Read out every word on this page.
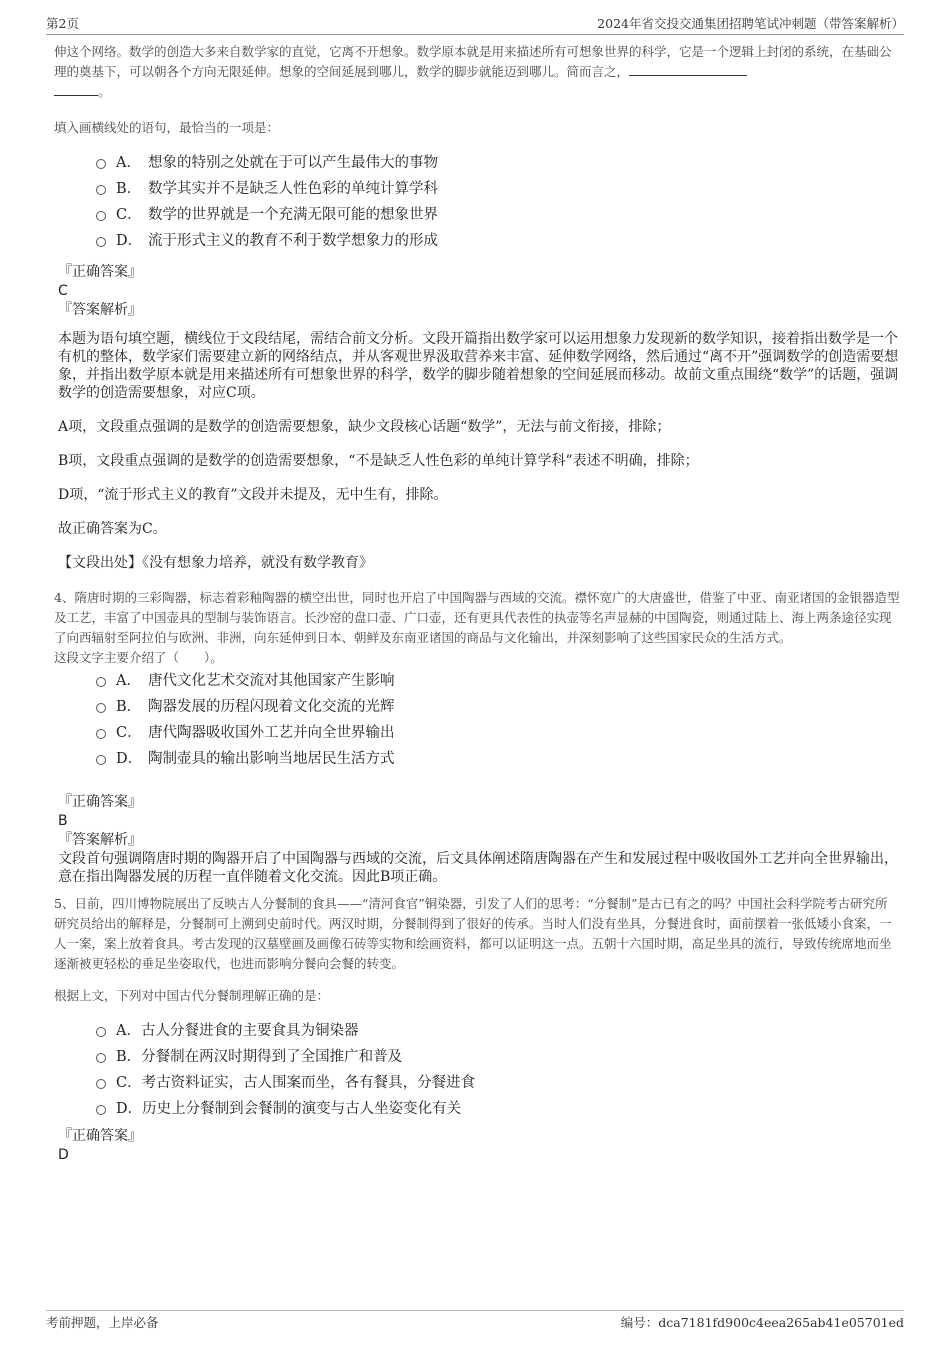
第2页	2024年省交投交通集团招聘笔试冲刺题（带答案解析）

伸这个网络。数学的创造大多来自数学家的直觉，它离不开想象。数学原本就是用来描述所有可想象世界的科学，它是一个逻辑上封闭的系统，在基础公理的奠基下，可以朝各个方向无限延伸。想象的空间延展到哪儿，数学的脚步就能迈到哪儿。简而言之，
。

填入画横线处的语句，最恰当的一项是：

A． 想象的特别之处就在于可以产生最伟大的事物
B． 数学其实并不是缺乏人性色彩的单纯计算学科
C． 数学的世界就是一个充满无限可能的想象世界
D． 流于形式主义的教育不利于数学想象力的形成

『正确答案』

C

『答案解析』

本题为语句填空题，横线位于文段结尾，需结合前文分析。文段开篇指出数学家可以运用想象力发现新的数学知识，接着指出数学是一个有机的整体，数学家们需要建立新的网络结点，并从客观世界汲取营养来丰富、延伸数学网络，然后通过“离不开”强调数学的创造需要想象，并指出数学原本就是用来描述所有可想象世界的科学，数学的脚步随着想象的空间延展而移动。故前文重点围绕“数学”的话题，强调数学的创造需要想象，对应C项。

A项，文段重点强调的是数学的创造需要想象，缺少文段核心话题“数学”，无法与前文衔接，排除；

B项，文段重点强调的是数学的创造需要想象，“不是缺乏人性色彩的单纯计算学科”表述不明确，排除；

D项，“流于形式主义的教育”文段并未提及，无中生有，排除。

故正确答案为C。

【文段出处】《没有想象力培养，就没有数学教育》

4、隋唐时期的三彩陶器，标志着彩釉陶器的横空出世，同时也开启了中国陶器与西域的交流。襟怀宽广的大唐盛世，借鉴了中亚、南亚诸国的金银器造型及工艺，丰富了中国壶具的型制与装饰语言。长沙窑的盘口壶、广口壶，还有更具代表性的执壶等名声显赫的中国陶瓷，则通过陆上、海上两条途径实现了向西辐射至阿拉伯与欧洲、非洲，向东延伸到日本、朝鲜及东南亚诸国的商品与文化输出，并深刻影响了这些国家民众的生活方式。

这段文字主要介绍了（　　）。

A． 唐代文化艺术交流对其他国家产生影响
B． 陶器发展的历程闪现着文化交流的光辉
C． 唐代陶器吸收国外工艺并向全世界输出
D． 陶制壶具的输出影响当地居民生活方式

『正确答案』

B

『答案解析』

文段首句强调隋唐时期的陶器开启了中国陶器与西域的交流，后文具体阐述隋唐陶器在产生和发展过程中吸收国外工艺并向全世界输出，意在指出陶器发展的历程一直伴随着文化交流。因此B项正确。

5、日前，四川博物院展出了反映古人分餐制的食具——“清河食官”铜染器，引发了人们的思考：“分餐制”是古已有之的吗？中国社会科学院考古研究所研究员给出的解释是，分餐制可上溯到史前时代。两汉时期，分餐制得到了很好的传承。当时人们没有坐具，分餐进食时，面前摆着一张低矮小食案，一人一案，案上放着食具。考古发现的汉墓壁画及画像石砖等实物和绘画资料，都可以证明这一点。五朝十六国时期，高足坐具的流行，导致传统席地而坐逐渐被更轻松的垂足坐姿取代，也进而影响分餐向会餐的转变。

根据上文，下列对中国古代分餐制理解正确的是：

A．古人分餐进食的主要食具为铜染器
B．分餐制在两汉时期得到了全国推广和普及
C．考古资料证实，古人围案而坐，各有餐具，分餐进食
D．历史上分餐制到会餐制的演变与古人坐姿变化有关

『正确答案』

D

考前押题，上岸必备	编号：dca7181fd900c4eea265ab41e05701ed
